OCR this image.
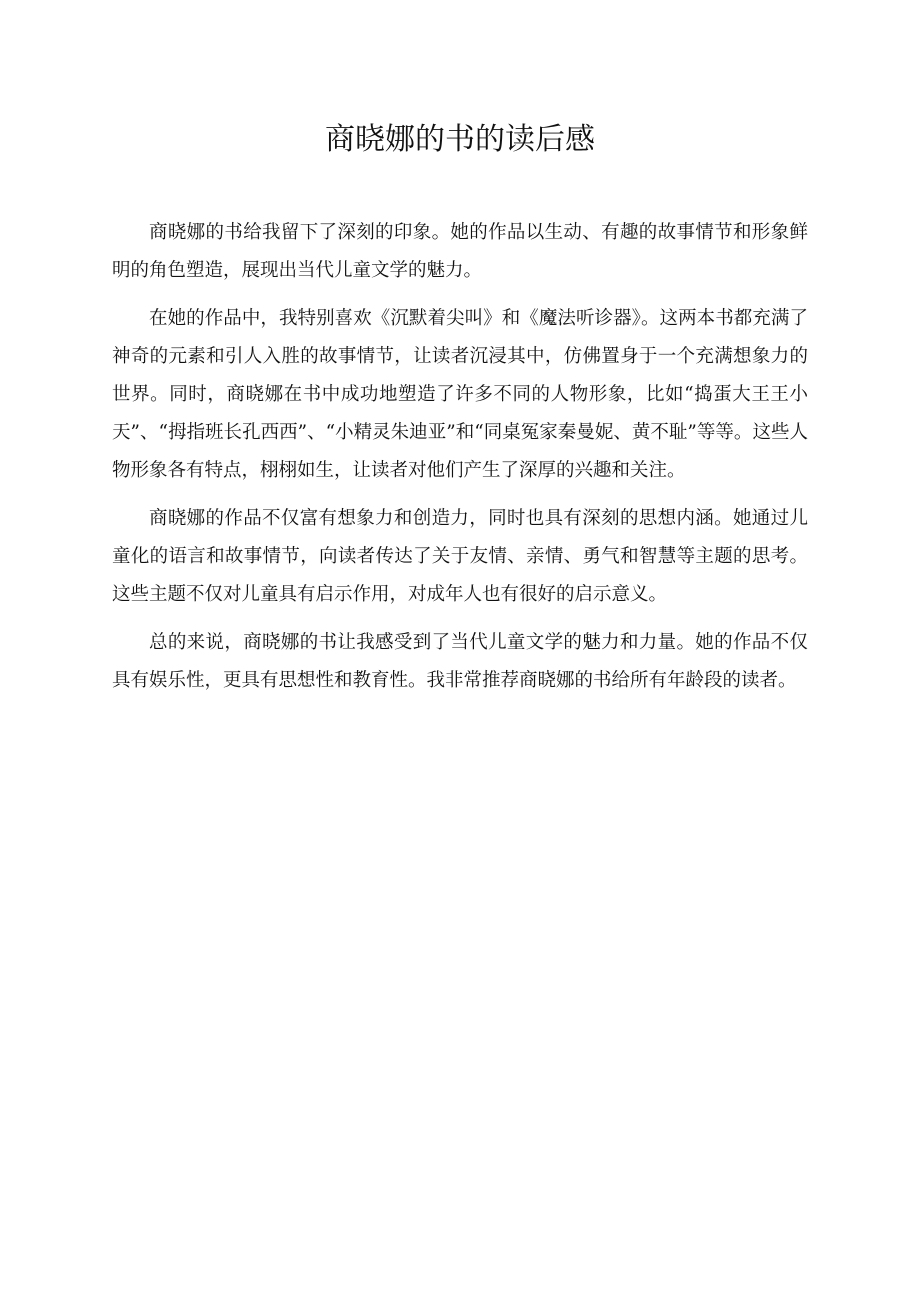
商晓娜的书的读后感

商晓娜的书给我留下了深刻的印象。她的作品以生动、有趣的故事情节和形象鲜明的角色塑造，展现出当代儿童文学的魅力。

在她的作品中，我特别喜欢《沉默着尖叫》和《魔法听诊器》。这两本书都充满了神奇的元素和引人入胜的故事情节，让读者沉浸其中，仿佛置身于一个充满想象力的世界。同时，商晓娜在书中成功地塑造了许多不同的人物形象，比如“捣蛋大王王小天”、“拇指班长孔西西”、“小精灵朱迪亚”和“同桌冤家秦曼妮、黄不耻”等等。这些人物形象各有特点，栩栩如生，让读者对他们产生了深厚的兴趣和关注。

商晓娜的作品不仅富有想象力和创造力，同时也具有深刻的思想内涵。她通过儿童化的语言和故事情节，向读者传达了关于友情、亲情、勇气和智慧等主题的思考。这些主题不仅对儿童具有启示作用，对成年人也有很好的启示意义。

总的来说，商晓娜的书让我感受到了当代儿童文学的魅力和力量。她的作品不仅具有娱乐性，更具有思想性和教育性。我非常推荐商晓娜的书给所有年龄段的读者。
